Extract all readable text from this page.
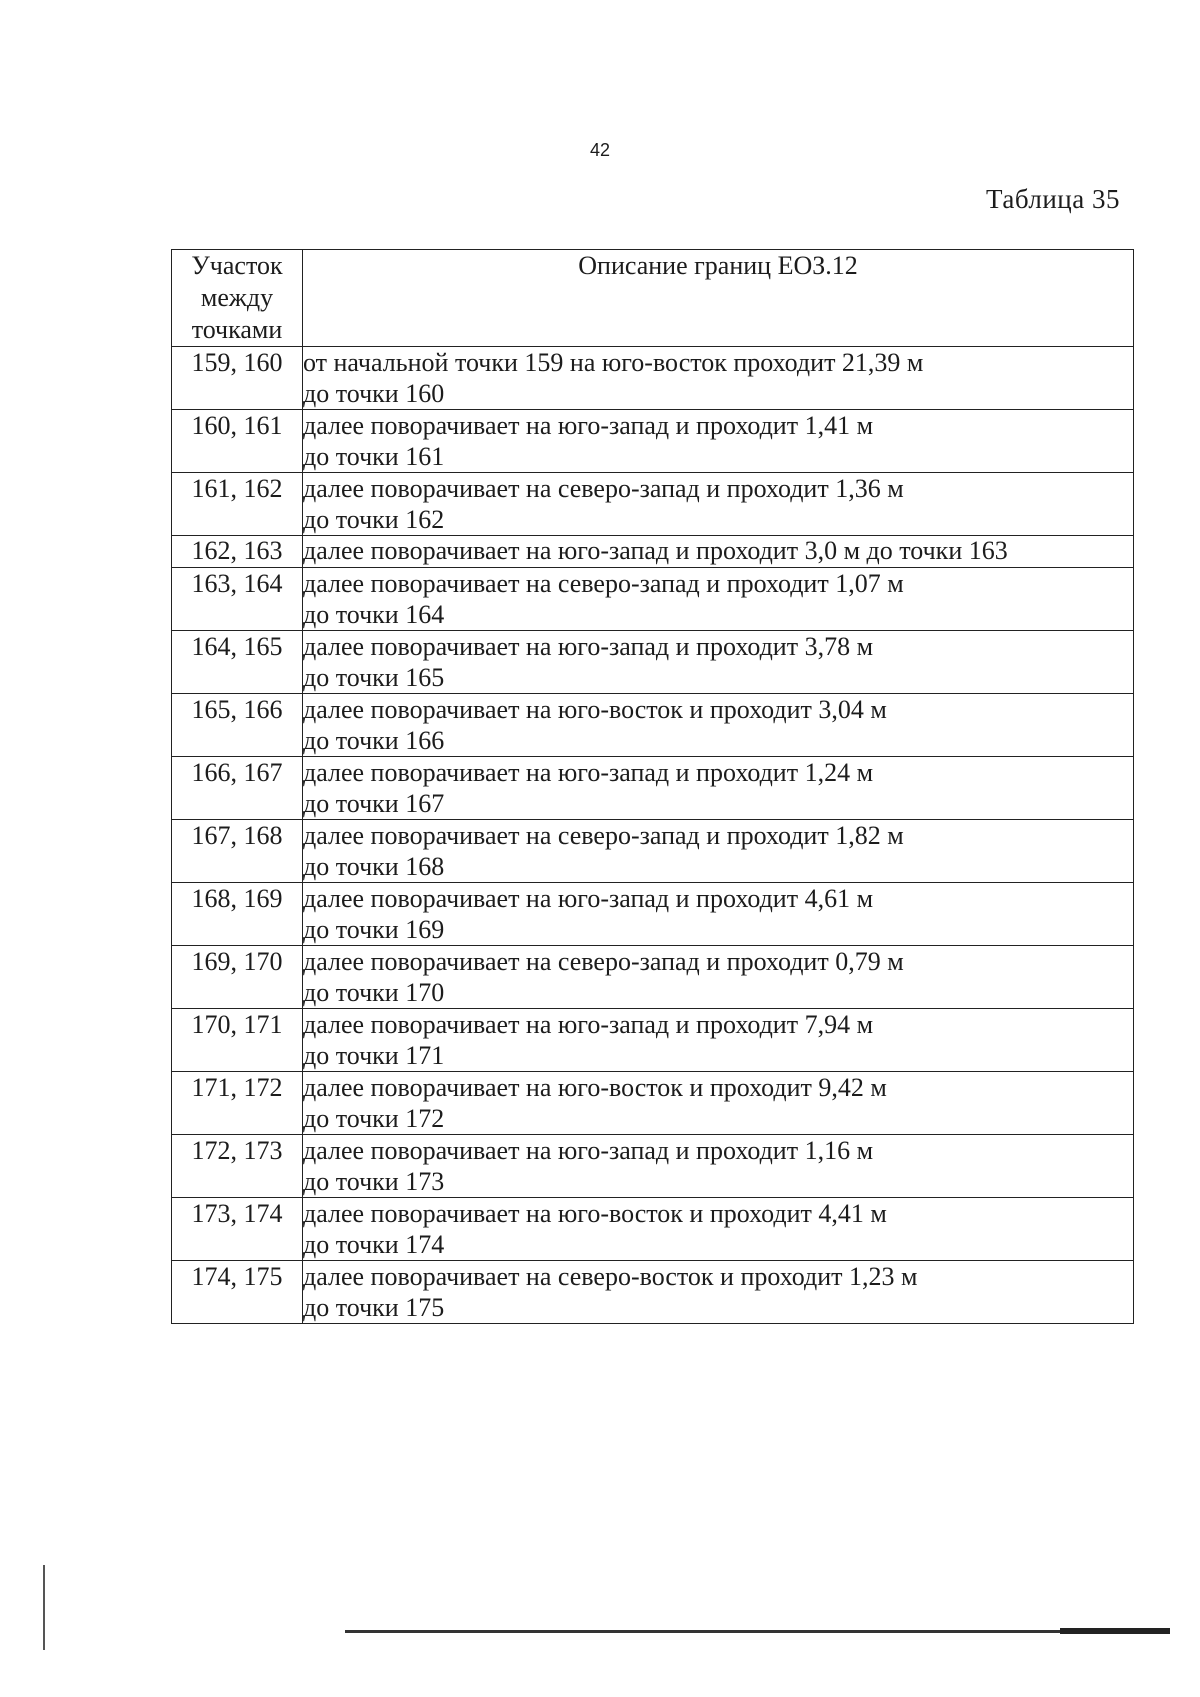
42
Таблица 35
Участок
между
точками	Описание границ ЕОЗ.12
159, 160	от начальной точки 159 на юго-восток проходит 21,39 м
до точки 160

160, 161	далее поворачивает на юго-запад и проходит 1,41 м
до точки 161

161, 162	далее поворачивает на северо-запад и проходит 1,36 м
до точки 162

162, 163	далее поворачивает на юго-запад и проходит 3,0 м до точки 163

163, 164	далее поворачивает на северо-запад и проходит 1,07 м
до точки 164

164, 165	далее поворачивает на юго-запад и проходит 3,78 м
до точки 165

165, 166	далее поворачивает на юго-восток и проходит 3,04 м
до точки 166

166, 167	далее поворачивает на юго-запад и проходит 1,24 м
до точки 167

167, 168	далее поворачивает на северо-запад и проходит 1,82 м
до точки 168

168, 169	далее поворачивает на юго-запад и проходит 4,61 м
до точки 169

169, 170	далее поворачивает на северо-запад и проходит 0,79 м
до точки 170

170, 171	далее поворачивает на юго-запад и проходит 7,94 м
до точки 171

171, 172	далее поворачивает на юго-восток и проходит 9,42 м
до точки 172

172, 173	далее поворачивает на юго-запад и проходит 1,16 м
до точки 173

173, 174	далее поворачивает на юго-восток и проходит 4,41 м
до точки 174

174, 175	далее поворачивает на северо-восток и проходит 1,23 м
до точки 175
